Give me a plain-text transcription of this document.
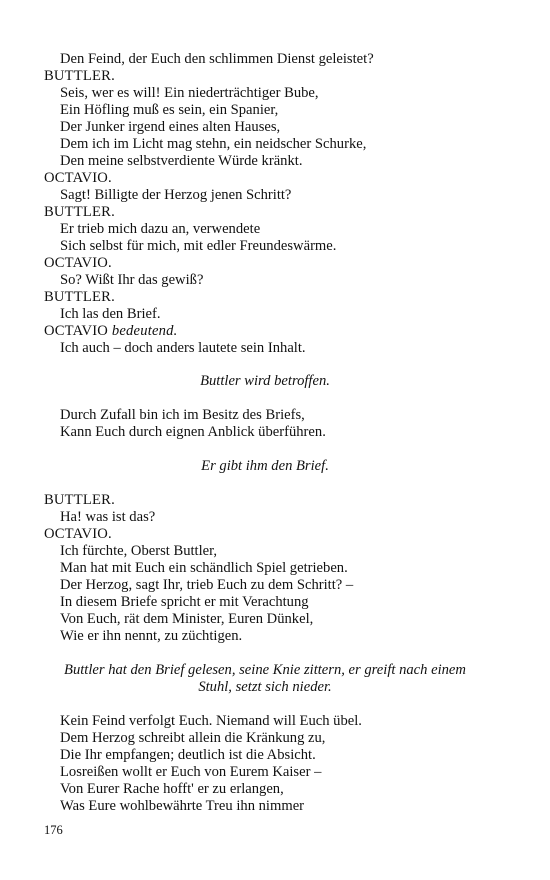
Den Feind, der Euch den schlimmen Dienst geleistet?
BUTTLER.
Seis, wer es will! Ein niederträchtiger Bube,
Ein Höfling muß es sein, ein Spanier,
Der Junker irgend eines alten Hauses,
Dem ich im Licht mag stehn, ein neidscher Schurke,
Den meine selbstverdiente Würde kränkt.
OCTAVIO.
Sagt! Billigte der Herzog jenen Schritt?
BUTTLER.
Er trieb mich dazu an, verwendete
Sich selbst für mich, mit edler Freundeswärme.
OCTAVIO.
So? Wißt Ihr das gewiß?
BUTTLER.
Ich las den Brief.
OCTAVIO bedeutend.
Ich auch – doch anders lautete sein Inhalt.
Buttler wird betroffen.
Durch Zufall bin ich im Besitz des Briefs,
Kann Euch durch eignen Anblick überführen.
Er gibt ihm den Brief.
BUTTLER.
Ha! was ist das?
OCTAVIO.
Ich fürchte, Oberst Buttler,
Man hat mit Euch ein schändlich Spiel getrieben.
Der Herzog, sagt Ihr, trieb Euch zu dem Schritt? –
In diesem Briefe spricht er mit Verachtung
Von Euch, rät dem Minister, Euren Dünkel,
Wie er ihn nennt, zu züchtigen.
Buttler hat den Brief gelesen, seine Knie zittern, er greift nach einem
Stuhl, setzt sich nieder.
Kein Feind verfolgt Euch. Niemand will Euch übel.
Dem Herzog schreibt allein die Kränkung zu,
Die Ihr empfangen; deutlich ist die Absicht.
Losreißen wollt er Euch von Eurem Kaiser –
Von Eurer Rache hofft' er zu erlangen,
Was Eure wohlbewährte Treu ihn nimmer
176
